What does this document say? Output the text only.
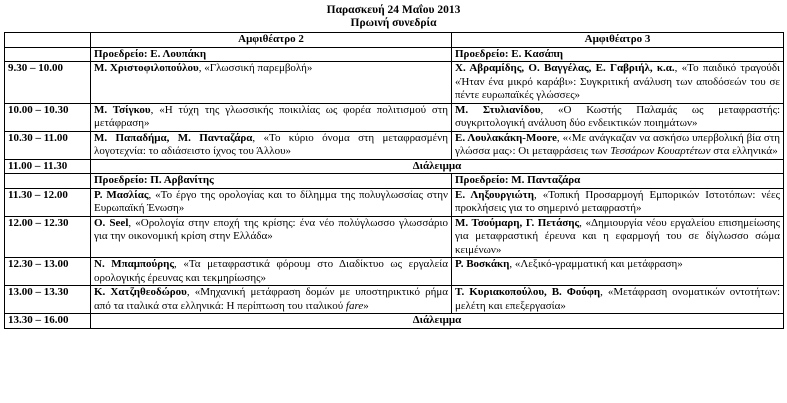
Παρασκευή 24 Μαΐου 2013
Πρωινή συνεδρία
	Αμφιθέατρο 2	Αμφιθέατρο 3
	Προεδρείο: Ε. Λουπάκη	Προεδρείο: Ε. Κασάπη
9.30 – 10.00	Μ. Χριστοφιλοπούλου, «Γλωσσική παρεμβολή»	Χ. Αβραμίδης, Ο. Βαγγέλας, Ε. Γαβριήλ, κ.α., «Το παιδικό τραγούδι «Ήταν ένα μικρό καράβι»: Συγκριτική ανάλυση των αποδόσεών του σε πέντε ευρωπαϊκές γλώσσες»
10.00 – 10.30	Μ. Τσίγκου, «Η τύχη της γλωσσικής ποικιλίας ως φορέα πολιτισμού στη μετάφραση»	Μ. Στυλιανίδου, «Ο Κωστής Παλαμάς ως μεταφραστής: συγκριτολογική ανάλυση δύο ενδεικτικών ποιημάτων»
10.30 – 11.00	Μ. Παπαδήμα, Μ. Πανταζάρα, «Το κύριο όνομα στη μεταφρασμένη λογοτεχνία: το αδιάσειστο ίχνος του Άλλου»	Ε. Λουλακάκη-Moore, «‹Με ανάγκαζαν να ασκήσω υπερβολική βία στη γλώσσα μας›: Οι μεταφράσεις των Τεσσάρων Κουαρτέτων στα ελληνικά»
11.00 – 11.30	Διάλειμμα	
	Προεδρείο: Π. Αρβανίτης	Προεδρείο: Μ. Πανταζάρα
11.30 – 12.00	Ρ. Μασλίας, «Το έργο της ορολογίας και το δίλημμα της πολυγλωσσίας στην Ευρωπαϊκή Ένωση»	Ε. Ληξουργιώτη, «Τοπική Προσαρμογή Εμπορικών Ιστοτόπων: νέες προκλήσεις για το σημερινό μεταφραστή»
12.00 – 12.30	O. Seel, «Ορολογία στην εποχή της κρίσης: ένα νέο πολύγλωσσο γλωσσάριο για την οικονομική κρίση στην Ελλάδα»	Μ. Τσούμαρη, Γ. Πετάσης, «Δημιουργία νέου εργαλείου επισημείωσης για μεταφραστική έρευνα και η εφαρμογή του σε δίγλωσσο σώμα κειμένων»
12.30 – 13.00	Ν. Μπαμπούρης, «Τα μεταφραστικά φόρουμ στο Διαδίκτυο ως εργαλεία ορολογικής έρευνας και τεκμηρίωσης»	Ρ. Βοσκάκη, «Λεξικό-γραμματική και μετάφραση»
13.00 – 13.30	Κ. Χατζηθεοδώρου, «Μηχανική μετάφραση δομών με υποστηρικτικό ρήμα από τα ιταλικά στα ελληνικά: Η περίπτωση του ιταλικού fare»	Τ. Κυριακοπούλου, Β. Φούφη, «Μετάφραση ονοματικών οντοτήτων: μελέτη και επεξεργασία»
13.30 – 16.00	Διάλειμμα	
